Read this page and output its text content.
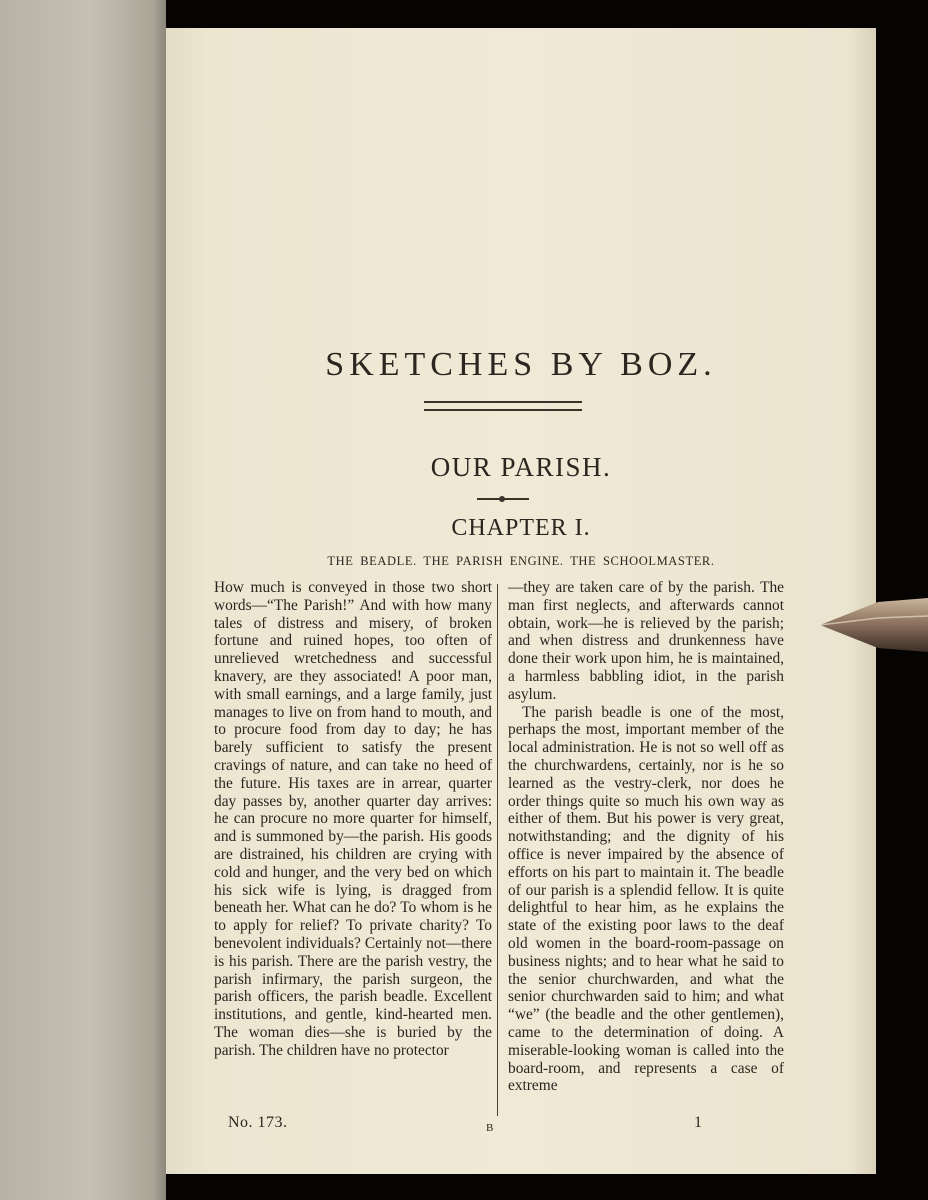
SKETCHES BY BOZ.
OUR PARISH.
CHAPTER I.
THE BEADLE. THE PARISH ENGINE. THE SCHOOLMASTER.

How much is conveyed in those two short words—“The Parish!” And with how many tales of distress and misery, of broken fortune and ruined hopes, too often of unrelieved wretchedness and successful knavery, are they associated! A poor man, with small earnings, and a large family, just manages to live on from hand to mouth, and to procure food from day to day; he has barely sufficient to satisfy the present cravings of nature, and can take no heed of the future. His taxes are in arrear, quarter day passes by, another quarter day arrives: he can procure no more quarter for himself, and is summoned by—the parish. His goods are distrained, his children are crying with cold and hunger, and the very bed on which his sick wife is lying, is dragged from beneath her. What can he do? To whom is he to apply for relief? To private charity? To benevolent individuals? Certainly not—there is his parish. There are the parish vestry, the parish infirmary, the parish surgeon, the parish officers, the parish beadle. Excellent institutions, and gentle, kind-hearted men. The woman dies—she is buried by the parish. The children have no protector

—they are taken care of by the parish. The man first neglects, and afterwards cannot obtain, work—he is relieved by the parish; and when distress and drunkenness have done their work upon him, he is maintained, a harmless babbling idiot, in the parish asylum.

The parish beadle is one of the most, perhaps the most, important member of the local administration. He is not so well off as the churchwardens, certainly, nor is he so learned as the vestry-clerk, nor does he order things quite so much his own way as either of them. But his power is very great, notwithstanding; and the dignity of his office is never impaired by the absence of efforts on his part to maintain it. The beadle of our parish is a splendid fellow. It is quite delightful to hear him, as he explains the state of the existing poor laws to the deaf old women in the board-room-passage on business nights; and to hear what he said to the senior churchwarden, and what the senior churchwarden said to him; and what “we” (the beadle and the other gentlemen), came to the determination of doing. A miserable-looking woman is called into the board-room, and represents a case of extreme

No. 173.	B	1
